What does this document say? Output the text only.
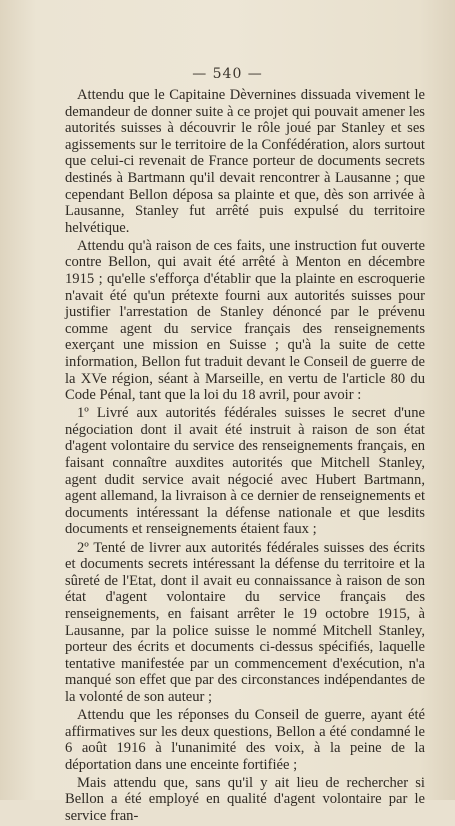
— 540 —

Attendu que le Capitaine Dèvernines dissuada vivement le demandeur de donner suite à ce projet qui pouvait amener les autorités suisses à découvrir le rôle joué par Stanley et ses agissements sur le territoire de la Confédération, alors surtout que celui-ci revenait de France porteur de documents secrets destinés à Bartmann qu'il devait rencontrer à Lausanne ; que cependant Bellon déposa sa plainte et que, dès son arrivée à Lausanne, Stanley fut arrêté puis expulsé du territoire helvétique.

Attendu qu'à raison de ces faits, une instruction fut ouverte contre Bellon, qui avait été arrêté à Menton en décembre 1915 ; qu'elle s'efforça d'établir que la plainte en escroquerie n'avait été qu'un prétexte fourni aux autorités suisses pour justifier l'arrestation de Stanley dénoncé par le prévenu comme agent du service français des renseignements exerçant une mission en Suisse ; qu'à la suite de cette information, Bellon fut traduit devant le Conseil de guerre de la XVe région, séant à Marseille, en vertu de l'article 80 du Code Pénal, tant que la loi du 18 avril, pour avoir :

1º Livré aux autorités fédérales suisses le secret d'une négociation dont il avait été instruit à raison de son état d'agent volontaire du service des renseignements français, en faisant connaître auxdites autorités que Mitchell Stanley, agent dudit service avait négocié avec Hubert Bartmann, agent allemand, la livraison à ce dernier de renseignements et documents intéressant la défense nationale et que lesdits documents et renseignements étaient faux ;

2º Tenté de livrer aux autorités fédérales suisses des écrits et documents secrets intéressant la défense du territoire et la sûreté de l'Etat, dont il avait eu connaissance à raison de son état d'agent volontaire du service français des renseignements, en faisant arrêter le 19 octobre 1915, à Lausanne, par la police suisse le nommé Mitchell Stanley, porteur des écrits et documents ci-dessus spécifiés, laquelle tentative manifestée par un commencement d'exécution, n'a manqué son effet que par des circonstances indépendantes de la volonté de son auteur ;

Attendu que les réponses du Conseil de guerre, ayant été affirmatives sur les deux questions, Bellon a été condamné le 6 août 1916 à l'unanimité des voix, à la peine de la déportation dans une enceinte fortifiée ;

Mais attendu que, sans qu'il y ait lieu de rechercher si Bellon a été employé en qualité d'agent volontaire par le service fran-
